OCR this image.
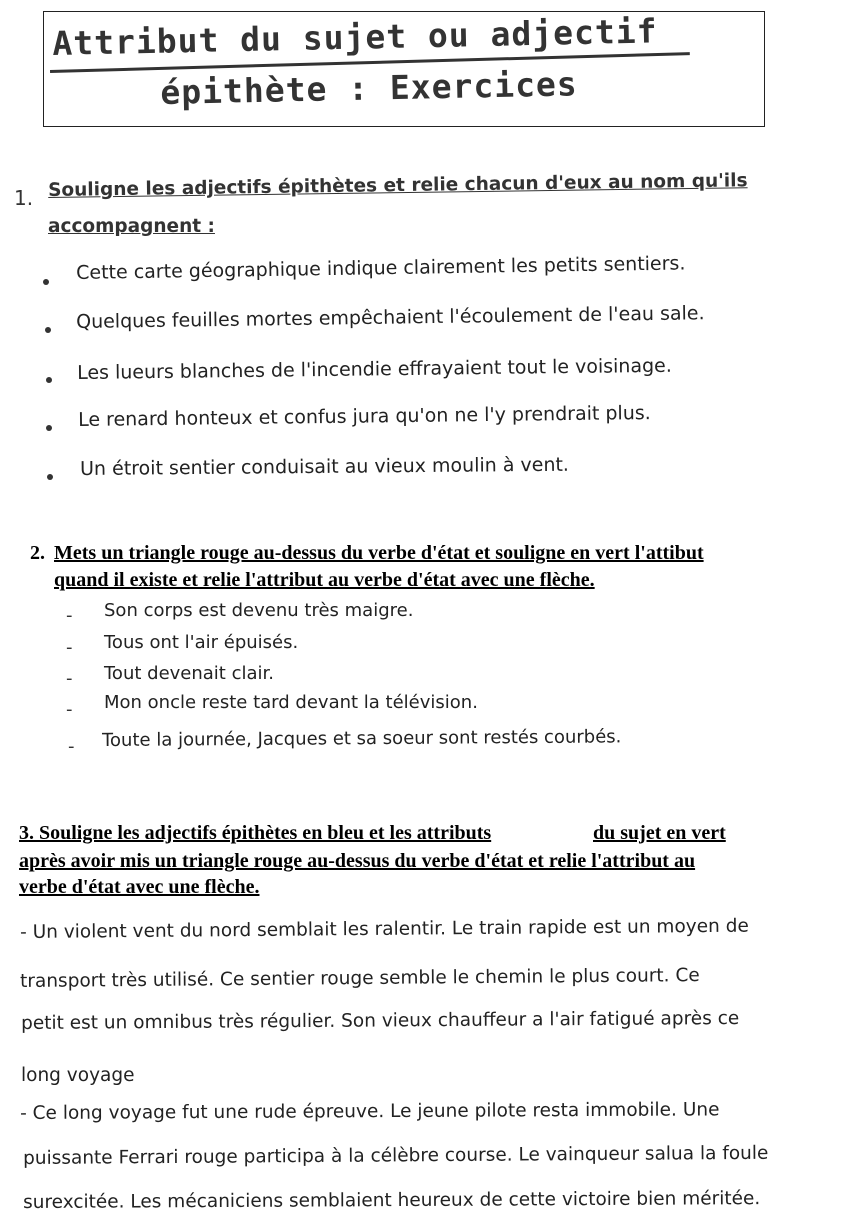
Attribut du sujet ou adjectif
épithète : Exercices
1. Souligne les adjectifs épithètes et relie chacun d'eux au nom qu'ils
accompagnent :
Cette carte géographique indique clairement les petits sentiers.
Quelques feuilles mortes empêchaient l'écoulement de l'eau sale.
Les lueurs blanches de l'incendie effrayaient tout le voisinage.
Le renard honteux et confus jura qu'on ne l'y prendrait plus.
Un étroit sentier conduisait au vieux moulin à vent.
2. Mets un triangle rouge au-dessus du verbe d'état et souligne en vert l'attibut
quand il existe et relie l'attribut au verbe d'état avec une flèche.
- Son corps est devenu très maigre.
- Tous ont l'air épuisés.
- Tout devenait clair.
- Mon oncle reste tard devant la télévision.
- Toute la journée, Jacques et sa soeur sont restés courbés.
3. Souligne les adjectifs épithètes en bleu et les attributs	du sujet en vert
après avoir mis un triangle rouge au-dessus du verbe d'état et relie l'attribut au
verbe d'état avec une flèche.
- Un violent vent du nord semblait les ralentir. Le train rapide est un moyen de
transport très utilisé. Ce sentier rouge semble le chemin le plus court. Ce
petit est un omnibus très régulier. Son vieux chauffeur a l'air fatigué après ce
long voyage
- Ce long voyage fut une rude épreuve. Le jeune pilote resta immobile. Une
puissante Ferrari rouge participa à la célèbre course. Le vainqueur salua la foule
surexcitée. Les mécaniciens semblaient heureux de cette victoire bien méritée.
